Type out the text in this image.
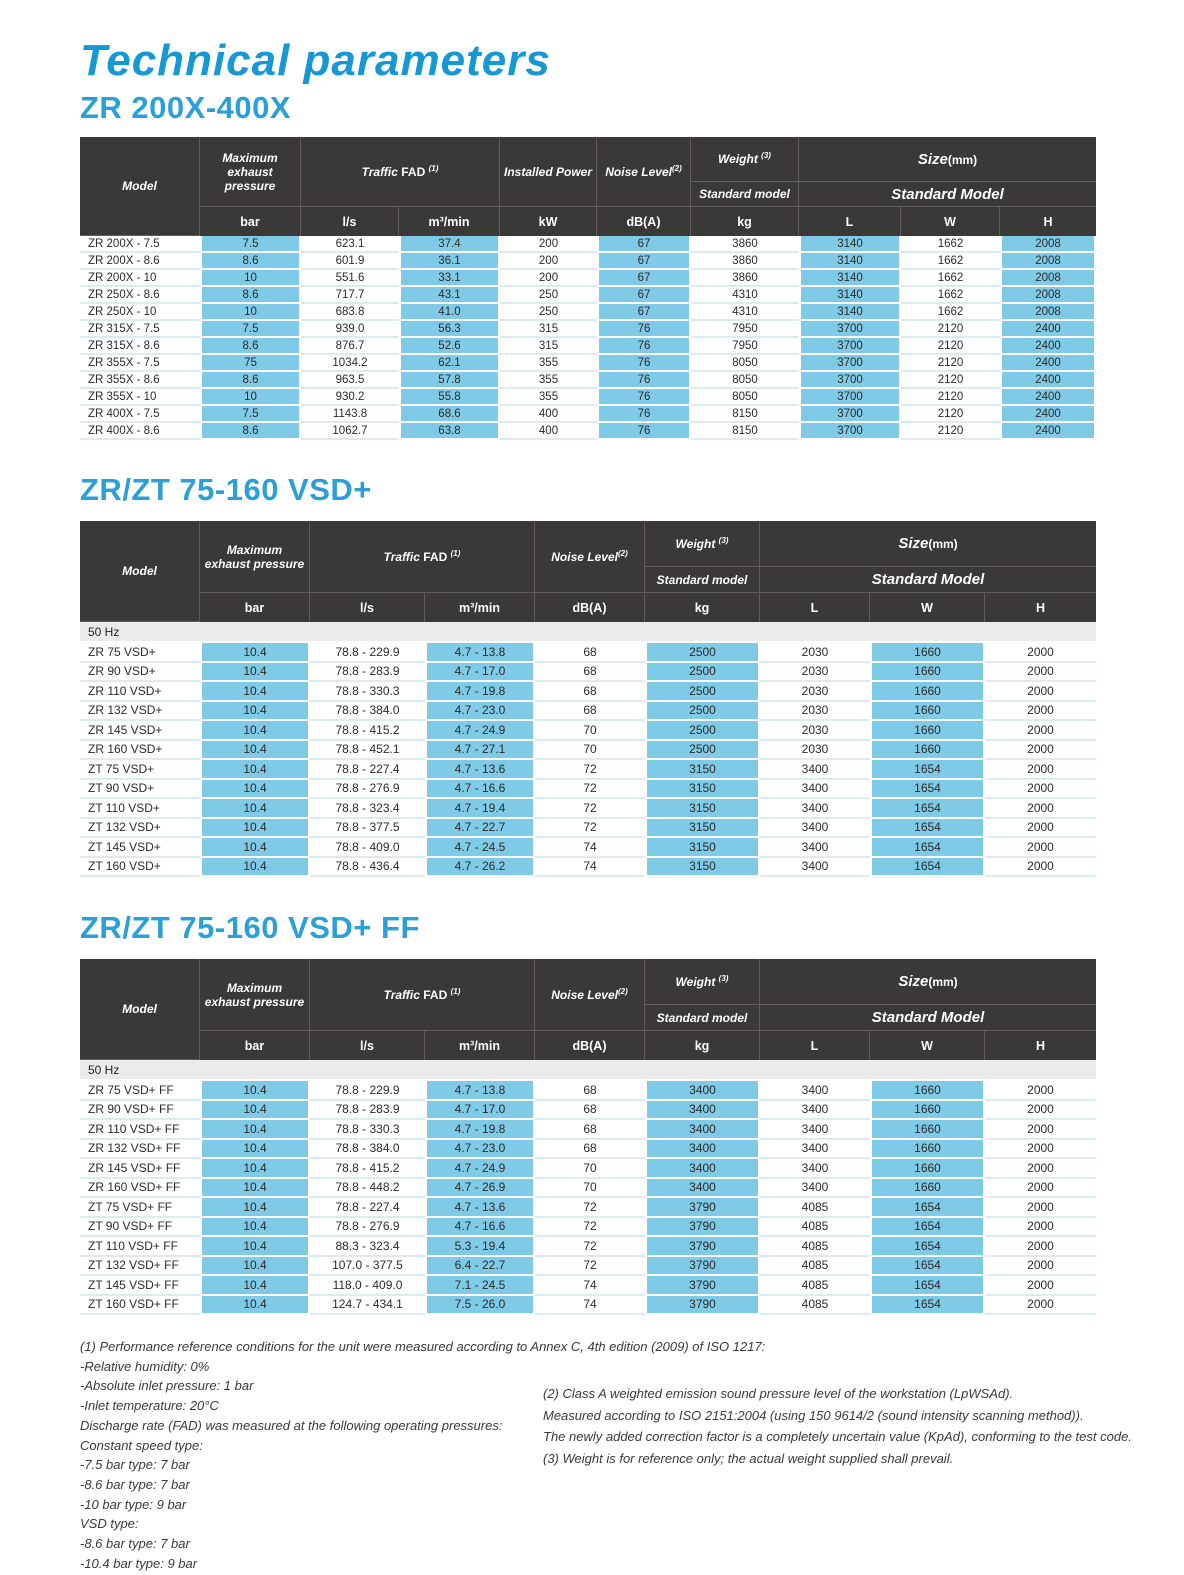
Technical parameters
ZR 200X-400X
Model	Maximum exhaust pressure	Traffic FAD $^{(1)}$		Installed Power	Noise Level$^{(2)}$	Weight $^{(3)}$	Size(mm)		
						Standard model	Standard Model		
	bar	l/s	m³/min	kW	dB(A)	kg	L	W	H
ZR 200X - 7.5	7.5	623.1	37.4	200	67	3860	3140	1662	2008
ZR 200X - 8.6	8.6	601.9	36.1	200	67	3860	3140	1662	2008
ZR 200X - 10	10	551.6	33.1	200	67	3860	3140	1662	2008
ZR 250X - 8.6	8.6	717.7	43.1	250	67	4310	3140	1662	2008
ZR 250X - 10	10	683.8	41.0	250	67	4310	3140	1662	2008
ZR 315X - 7.5	7.5	939.0	56.3	315	76	7950	3700	2120	2400
ZR 315X - 8.6	8.6	876.7	52.6	315	76	7950	3700	2120	2400
ZR 355X - 7.5	75	1034.2	62.1	355	76	8050	3700	2120	2400
ZR 355X - 8.6	8.6	963.5	57.8	355	76	8050	3700	2120	2400
ZR 355X - 10	10	930.2	55.8	355	76	8050	3700	2120	2400
ZR 400X - 7.5	7.5	1143.8	68.6	400	76	8150	3700	2120	2400
ZR 400X - 8.6	8.6	1062.7	63.8	400	76	8150	3700	2120	2400
ZR/ZT 75-160 VSD+
Model	Maximum exhaust pressure	Traffic FAD $^{(1)}$		Noise Level$^{(2)}$	Weight $^{(3)}$	Size(mm)		
					Standard model	Standard Model		
	bar	l/s	m³/min	dB(A)	kg	L	W	H
50 Hz								
ZR 75 VSD+	10.4	78.8 - 229.9	4.7 - 13.8	68	2500	2030	1660	2000
ZR 90 VSD+	10.4	78.8 - 283.9	4.7 - 17.0	68	2500	2030	1660	2000
ZR 110 VSD+	10.4	78.8 - 330.3	4.7 - 19.8	68	2500	2030	1660	2000
ZR 132 VSD+	10.4	78.8 - 384.0	4.7 - 23.0	68	2500	2030	1660	2000
ZR 145 VSD+	10.4	78.8 - 415.2	4.7 - 24.9	70	2500	2030	1660	2000
ZR 160 VSD+	10.4	78.8 - 452.1	4.7 - 27.1	70	2500	2030	1660	2000
ZT 75 VSD+	10.4	78.8 - 227.4	4.7 - 13.6	72	3150	3400	1654	2000
ZT 90 VSD+	10.4	78.8 - 276.9	4.7 - 16.6	72	3150	3400	1654	2000
ZT 110 VSD+	10.4	78.8 - 323.4	4.7 - 19.4	72	3150	3400	1654	2000
ZT 132 VSD+	10.4	78.8 - 377.5	4.7 - 22.7	72	3150	3400	1654	2000
ZT 145 VSD+	10.4	78.8 - 409.0	4.7 - 24.5	74	3150	3400	1654	2000
ZT 160 VSD+	10.4	78.8 - 436.4	4.7 - 26.2	74	3150	3400	1654	2000
ZR/ZT 75-160 VSD+ FF
Model	Maximum exhaust pressure	Traffic FAD $^{(1)}$		Noise Level$^{(2)}$	Weight $^{(3)}$	Size(mm)		
					Standard model	Standard Model		
	bar	l/s	m³/min	dB(A)	kg	L	W	H
50 Hz								
ZR 75 VSD+ FF	10.4	78.8 - 229.9	4.7 - 13.8	68	3400	3400	1660	2000
ZR 90 VSD+ FF	10.4	78.8 - 283.9	4.7 - 17.0	68	3400	3400	1660	2000
ZR 110 VSD+ FF	10.4	78.8 - 330.3	4.7 - 19.8	68	3400	3400	1660	2000
ZR 132 VSD+ FF	10.4	78.8 - 384.0	4.7 - 23.0	68	3400	3400	1660	2000
ZR 145 VSD+ FF	10.4	78.8 - 415.2	4.7 - 24.9	70	3400	3400	1660	2000
ZR 160 VSD+ FF	10.4	78.8 - 448.2	4.7 - 26.9	70	3400	3400	1660	2000
ZT 75 VSD+ FF	10.4	78.8 - 227.4	4.7 - 13.6	72	3790	4085	1654	2000
ZT 90 VSD+ FF	10.4	78.8 - 276.9	4.7 - 16.6	72	3790	4085	1654	2000
ZT 110 VSD+ FF	10.4	88.3 - 323.4	5.3 - 19.4	72	3790	4085	1654	2000
ZT 132 VSD+ FF	10.4	107.0 - 377.5	6.4 - 22.7	72	3790	4085	1654	2000
ZT 145 VSD+ FF	10.4	118.0 - 409.0	7.1 - 24.5	74	3790	4085	1654	2000
ZT 160 VSD+ FF	10.4	124.7 - 434.1	7.5 - 26.0	74	3790	4085	1654	2000
(1) Performance reference conditions for the unit were measured according to Annex C, 4th edition (2009) of ISO 1217:
-Relative humidity: 0%
-Absolute inlet pressure: 1 bar
-Inlet temperature: 20°C
Discharge rate (FAD) was measured at the following operating pressures:
Constant speed type:
-7.5 bar type: 7 bar
-8.6 bar type: 7 bar
-10 bar type: 9 bar
VSD type:
-8.6 bar type: 7 bar
-10.4 bar type: 9 bar
(2) Class A weighted emission sound pressure level of the workstation (LpWSAd).
Measured according to ISO 2151:2004 (using 150 9614/2 (sound intensity scanning method)).
The newly added correction factor is a completely uncertain value (KpAd), conforming to the test code.
(3) Weight is for reference only; the actual weight supplied shall prevail.
